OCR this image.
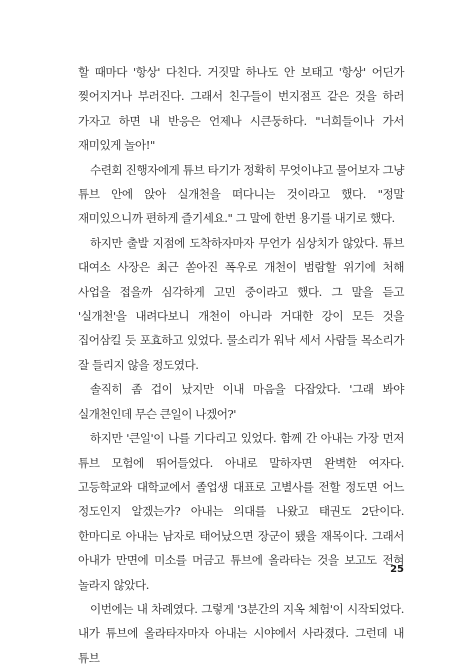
할 때마다 '항상' 다친다. 거짓말 하나도 안 보태고 '항상' 어딘가 찢어지거나 부러진다. 그래서 친구들이 번지점프 같은 것을 하러 가자고 하면 내 반응은 언제나 시큰둥하다. "너희들이나 가서 재미있게 놀아!"

수련회 진행자에게 튜브 타기가 정확히 무엇이냐고 물어보자 그냥 튜브 안에 앉아 실개천을 떠다니는 것이라고 했다. "정말 재미있으니까 편하게 즐기세요." 그 말에 한번 용기를 내기로 했다.

하지만 출발 지점에 도착하자마자 무언가 심상치가 않았다. 튜브 대여소 사장은 최근 쏟아진 폭우로 개천이 범람할 위기에 처해 사업을 접을까 심각하게 고민 중이라고 했다. 그 말을 듣고 '실개천'을 내려다보니 개천이 아니라 거대한 강이 모든 것을 집어삼킬 듯 포효하고 있었다. 물소리가 워낙 세서 사람들 목소리가 잘 들리지 않을 정도였다.

솔직히 좀 겁이 났지만 이내 마음을 다잡았다. '그래 봐야 실개천인데 무슨 큰일이 나겠어?'

하지만 '큰일'이 나를 기다리고 있었다. 함께 간 아내는 가장 먼저 튜브 모험에 뛰어들었다. 아내로 말하자면 완벽한 여자다. 고등학교와 대학교에서 졸업생 대표로 고별사를 전할 정도면 어느 정도인지 알겠는가? 아내는 의대를 나왔고 태권도 2단이다. 한마디로 아내는 남자로 태어났으면 장군이 됐을 재목이다. 그래서 아내가 만면에 미소를 머금고 튜브에 올라타는 것을 보고도 전혀 놀라지 않았다.

이번에는 내 차례였다. 그렇게 '3분간의 지옥 체험'이 시작되었다. 내가 튜브에 올라타자마자 아내는 시야에서 사라졌다. 그런데 내 튜브

25
